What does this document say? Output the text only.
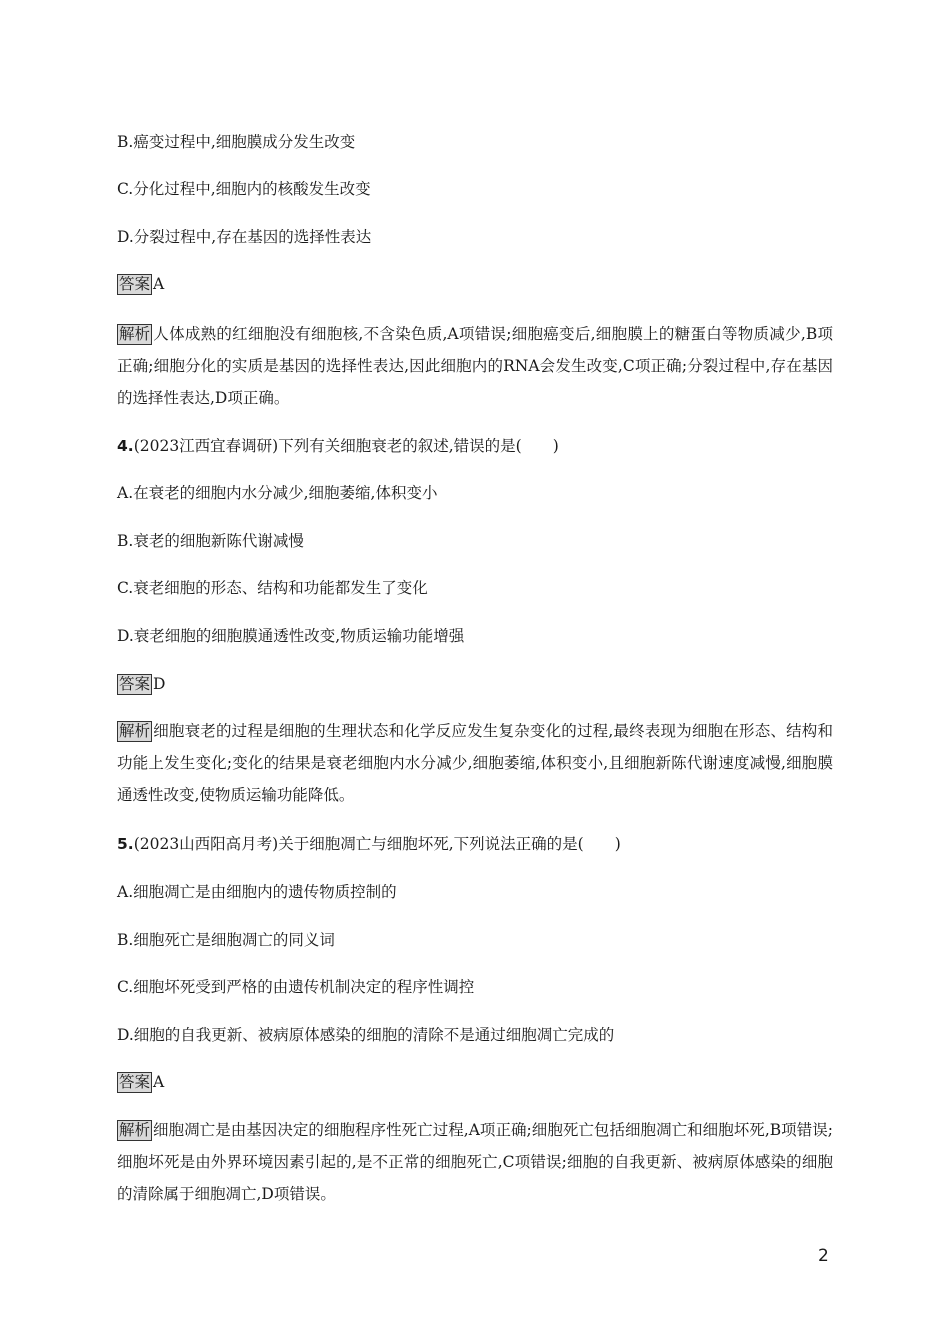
B.癌变过程中,细胞膜成分发生改变
C.分化过程中,细胞内的核酸发生改变
D.分裂过程中,存在基因的选择性表达
答案 A
解析 人体成熟的红细胞没有细胞核,不含染色质,A项错误;细胞癌变后,细胞膜上的糖蛋白等物质减少,B项正确;细胞分化的实质是基因的选择性表达,因此细胞内的RNA会发生改变,C项正确;分裂过程中,存在基因的选择性表达,D项正确。
4.(2023江西宜春调研)下列有关细胞衰老的叙述,错误的是(　　)
A.在衰老的细胞内水分减少,细胞萎缩,体积变小
B.衰老的细胞新陈代谢减慢
C.衰老细胞的形态、结构和功能都发生了变化
D.衰老细胞的细胞膜通透性改变,物质运输功能增强
答案 D
解析 细胞衰老的过程是细胞的生理状态和化学反应发生复杂变化的过程,最终表现为细胞在形态、结构和功能上发生变化;变化的结果是衰老细胞内水分减少,细胞萎缩,体积变小,且细胞新陈代谢速度减慢,细胞膜通透性改变,使物质运输功能降低。
5.(2023山西阳高月考)关于细胞凋亡与细胞坏死,下列说法正确的是(　　)
A.细胞凋亡是由细胞内的遗传物质控制的
B.细胞死亡是细胞凋亡的同义词
C.细胞坏死受到严格的由遗传机制决定的程序性调控
D.细胞的自我更新、被病原体感染的细胞的清除不是通过细胞凋亡完成的
答案 A
解析 细胞凋亡是由基因决定的细胞程序性死亡过程,A项正确;细胞死亡包括细胞凋亡和细胞坏死,B项错误;细胞坏死是由外界环境因素引起的,是不正常的细胞死亡,C项错误;细胞的自我更新、被病原体感染的细胞的清除属于细胞凋亡,D项错误。
2
